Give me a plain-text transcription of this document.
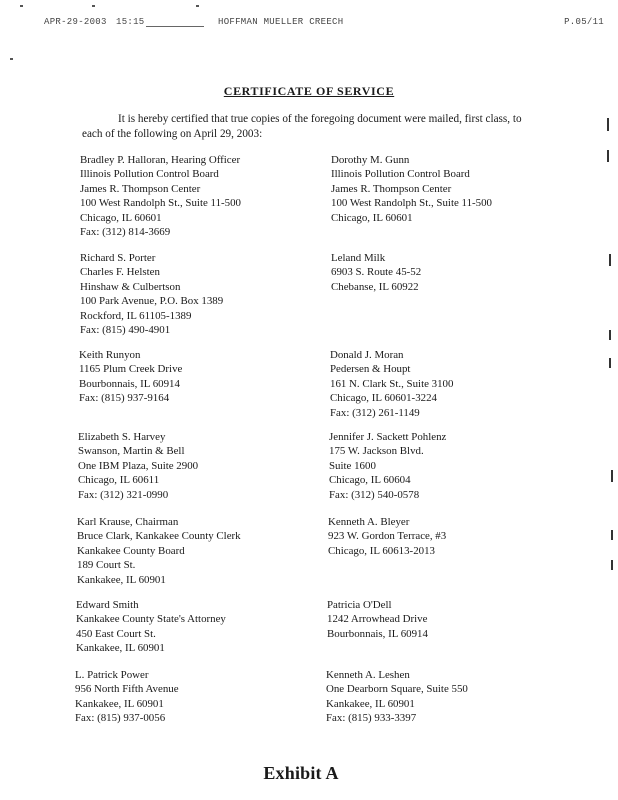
APR-29-2003 15:15	HOFFMAN MUELLER CREECH	P.05/11
CERTIFICATE OF SERVICE
It is hereby certified that true copies of the foregoing document were mailed, first class, to each of the following on April 29, 2003:
Bradley P. Halloran, Hearing Officer
Illinois Pollution Control Board
James R. Thompson Center
100 West Randolph St., Suite 11-500
Chicago, IL 60601
Fax: (312) 814-3669
Dorothy M. Gunn
Illinois Pollution Control Board
James R. Thompson Center
100 West Randolph St., Suite 11-500
Chicago, IL 60601
Richard S. Porter
Charles F. Helsten
Hinshaw & Culbertson
100 Park Avenue, P.O. Box 1389
Rockford, IL 61105-1389
Fax: (815) 490-4901
Leland Milk
6903 S. Route 45-52
Chebanse, IL 60922
Keith Runyon
1165 Plum Creek Drive
Bourbonnais, IL 60914
Fax: (815) 937-9164
Donald J. Moran
Pedersen & Houpt
161 N. Clark St., Suite 3100
Chicago, IL 60601-3224
Fax: (312) 261-1149
Elizabeth S. Harvey
Swanson, Martin & Bell
One IBM Plaza, Suite 2900
Chicago, IL 60611
Fax: (312) 321-0990
Jennifer J. Sackett Pohlenz
175 W. Jackson Blvd.
Suite 1600
Chicago, IL 60604
Fax: (312) 540-0578
Karl Krause, Chairman
Bruce Clark, Kankakee County Clerk
Kankakee County Board
189 Court St.
Kankakee, IL 60901
Kenneth A. Bleyer
923 W. Gordon Terrace, #3
Chicago, IL 60613-2013
Edward Smith
Kankakee County State's Attorney
450 East Court St.
Kankakee, IL 60901
Patricia O'Dell
1242 Arrowhead Drive
Bourbonnais, IL 60914
L. Patrick Power
956 North Fifth Avenue
Kankakee, IL 60901
Fax: (815) 937-0056
Kenneth A. Leshen
One Dearborn Square, Suite 550
Kankakee, IL 60901
Fax: (815) 933-3397
Exhibit A
